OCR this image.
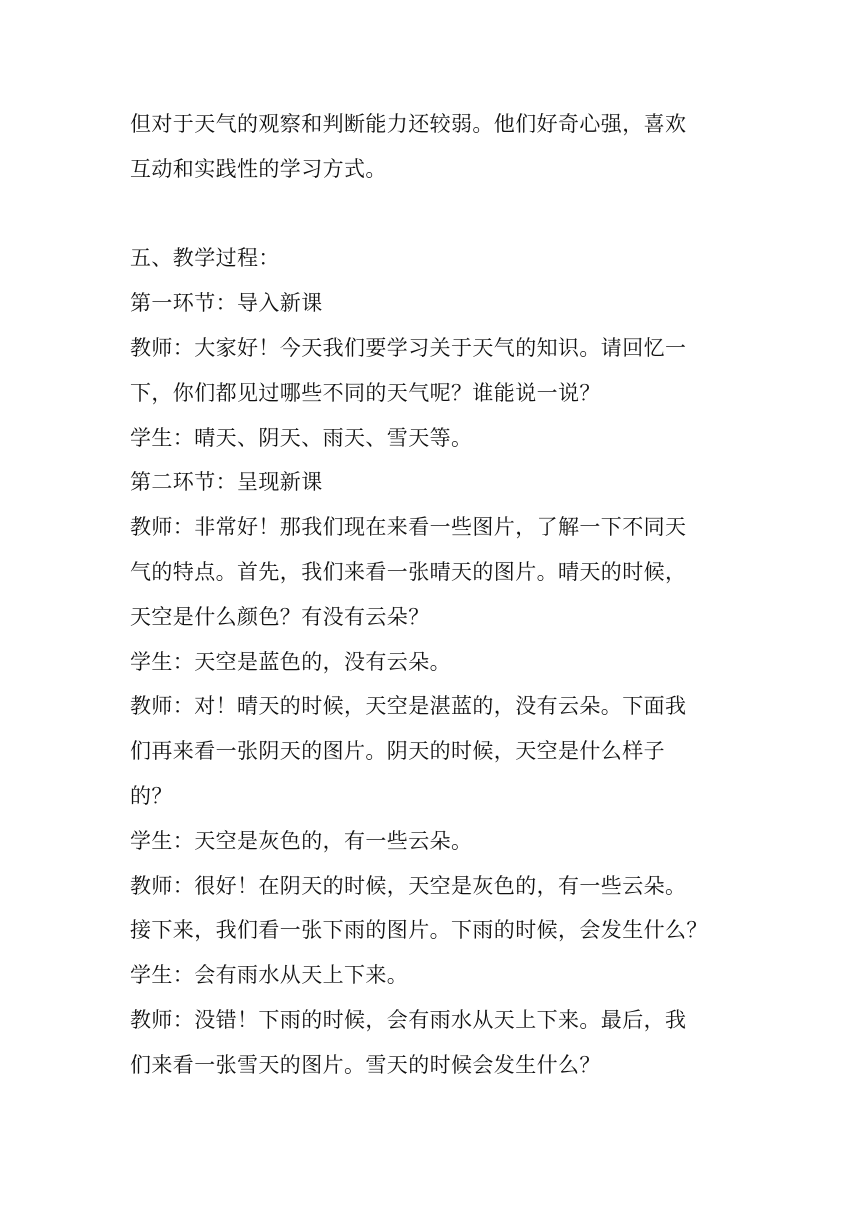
但对于天气的观察和判断能力还较弱。他们好奇心强，喜欢
互动和实践性的学习方式。
五、教学过程：
第一环节：导入新课
教师：大家好！今天我们要学习关于天气的知识。请回忆一
下，你们都见过哪些不同的天气呢？谁能说一说？
学生：晴天、阴天、雨天、雪天等。
第二环节：呈现新课
教师：非常好！那我们现在来看一些图片，了解一下不同天
气的特点。首先，我们来看一张晴天的图片。晴天的时候，
天空是什么颜色？有没有云朵？
学生：天空是蓝色的，没有云朵。
教师：对！晴天的时候，天空是湛蓝的，没有云朵。下面我
们再来看一张阴天的图片。阴天的时候，天空是什么样子
的？
学生：天空是灰色的，有一些云朵。
教师：很好！在阴天的时候，天空是灰色的，有一些云朵。
接下来，我们看一张下雨的图片。下雨的时候，会发生什么？
学生：会有雨水从天上下来。
教师：没错！下雨的时候，会有雨水从天上下来。最后，我
们来看一张雪天的图片。雪天的时候会发生什么？
